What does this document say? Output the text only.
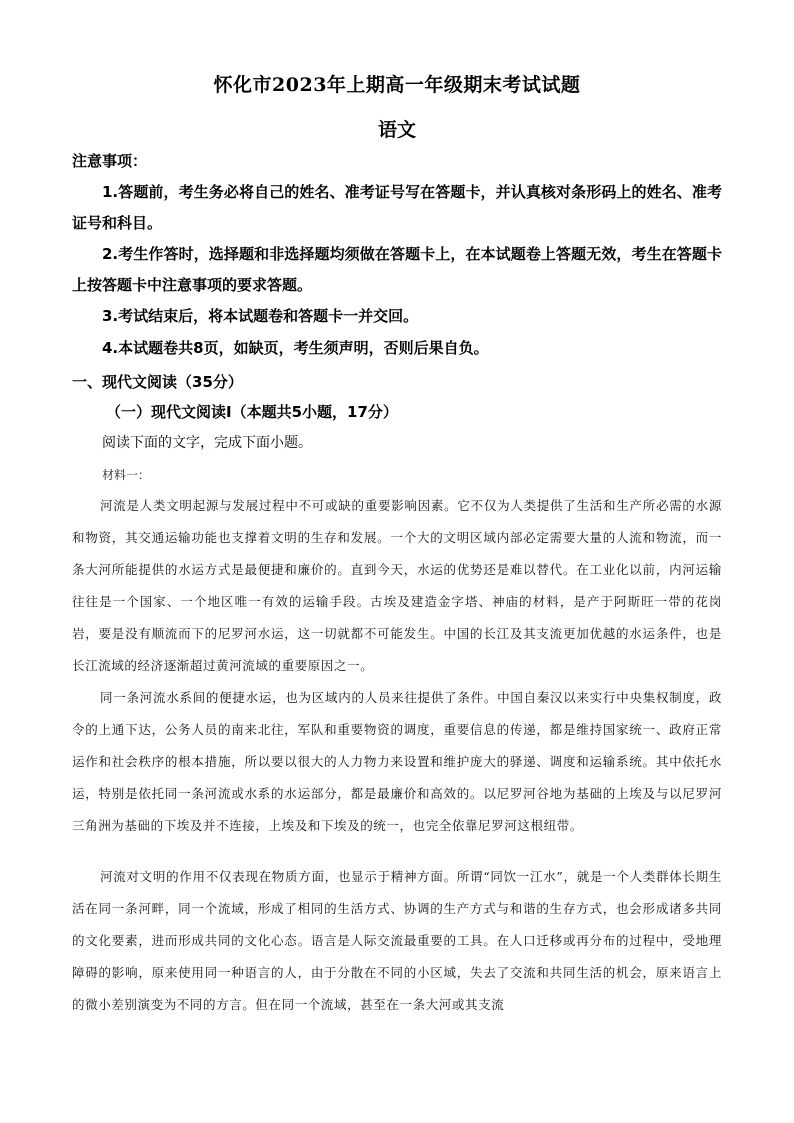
怀化市2023年上期高一年级期末考试试题
语文
注意事项：
1.答题前，考生务必将自己的姓名、准考证号写在答题卡，并认真核对条形码上的姓名、准考证号和科目。
2.考生作答时，选择题和非选择题均须做在答题卡上，在本试题卷上答题无效，考生在答题卡上按答题卡中注意事项的要求答题。
3.考试结束后，将本试题卷和答题卡一并交回。
4.本试题卷共8页，如缺页，考生须声明，否则后果自负。
一、现代文阅读（35分）
（一）现代文阅读Ⅰ（本题共5小题，17分）
阅读下面的文字，完成下面小题。
材料一：
河流是人类文明起源与发展过程中不可或缺的重要影响因素。它不仅为人类提供了生活和生产所必需的水源和物资，其交通运输功能也支撑着文明的生存和发展。一个大的文明区域内部必定需要大量的人流和物流，而一条大河所能提供的水运方式是最便捷和廉价的。直到今天，水运的优势还是难以替代。在工业化以前，内河运输往往是一个国家、一个地区唯一有效的运输手段。古埃及建造金字塔、神庙的材料，是产于阿斯旺一带的花岗岩，要是没有顺流而下的尼罗河水运，这一切就都不可能发生。中国的长江及其支流更加优越的水运条件，也是长江流域的经济逐渐超过黄河流域的重要原因之一。
同一条河流水系间的便捷水运，也为区域内的人员来往提供了条件。中国自秦汉以来实行中央集权制度，政令的上通下达，公务人员的南来北往，军队和重要物资的调度，重要信息的传递，都是维持国家统一、政府正常运作和社会秩序的根本措施，所以要以很大的人力物力来设置和维护庞大的驿递、调度和运输系统。其中依托水运，特别是依托同一条河流或水系的水运部分，都是最廉价和高效的。以尼罗河谷地为基础的上埃及与以尼罗河三角洲为基础的下埃及并不连接，上埃及和下埃及的统一，也完全依靠尼罗河这根纽带。
河流对文明的作用不仅表现在物质方面，也显示于精神方面。所谓“同饮一江水”，就是一个人类群体长期生活在同一条河畔，同一个流域，形成了相同的生活方式、协调的生产方式与和谐的生存方式，也会形成诸多共同的文化要素，进而形成共同的文化心态。语言是人际交流最重要的工具。在人口迁移或再分布的过程中，受地理障碍的影响，原来使用同一种语言的人，由于分散在不同的小区域，失去了交流和共同生活的机会，原来语言上的微小差别演变为不同的方言。但在同一个流域，甚至在一条大河或其支流
